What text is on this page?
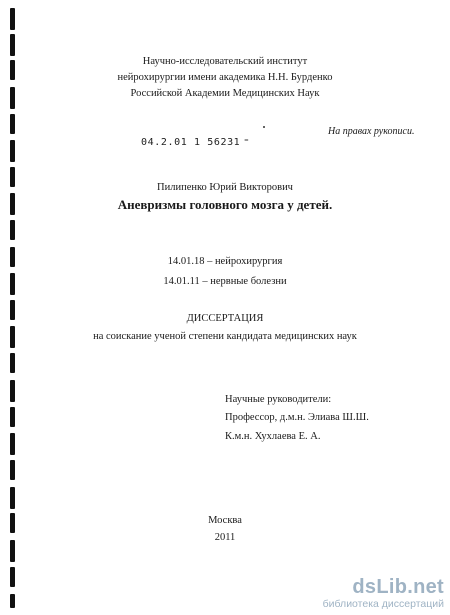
Научно-исследовательский институт
нейрохирургии имени академика Н.Н. Бурденко
Российской Академии Медицинских Наук
04.2.01 1 56231 ⁼
На правах рукописи.
Пилипенко Юрий Викторович
Аневризмы головного мозга у детей.
14.01.18 – нейрохирургия
14.01.11 – нервные болезни
ДИССЕРТАЦИЯ
на соискание ученой степени кандидата медицинских наук
Научные руководители:
Профессор, д.м.н. Элиава Ш.Ш.
К.м.н. Хухлаева Е. А.
Москва
2011
dsLib.net
библиотека диссертаций
